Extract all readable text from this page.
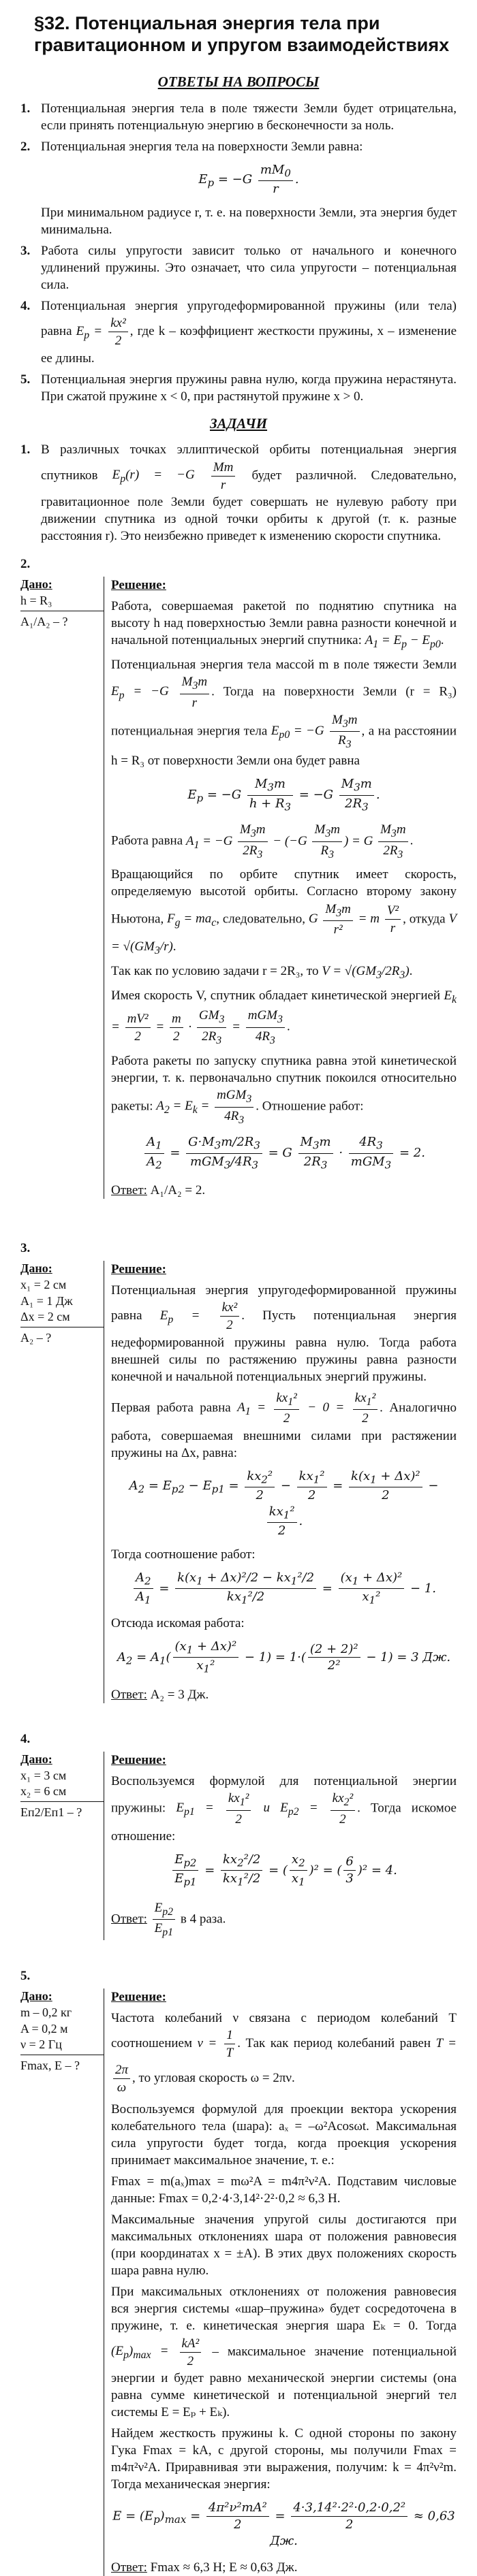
§32. Потенциальная энергия тела при гравитационном и упругом взаимодействиях
ОТВЕТЫ НА ВОПРОСЫ
1. Потенциальная энергия тела в поле тяжести Земли будет отрицательна, если принять потенциальную энергию в бесконечности за ноль.
2. Потенциальная энергия тела на поверхности Земли равна:
$E_p = -G \frac{mM_0}{r}$ .
При минимальном радиусе r, т. е. на поверхности Земли, эта энергия будет минимальна.
3. Работа силы упругости зависит только от начального и конечного удлинений пружины. Это означает, что сила упругости – потенциальная сила.
4. Потенциальная энергия упругодеформированной пружины (или тела) равна $E_p = \frac{\text{kx²}}{2}$ , где k – коэффициент жесткости пружины, x – изменение ее длины.
5. Потенциальная энергия пружины равна нулю, когда пружина нерастянута. При сжатой пружине x < 0, при растянутой пружине x > 0.
ЗАДАЧИ
1. В различных точках эллиптической орбиты потенциальная энергия спутников $E_p(r) = -G \frac{Mm}{r}$ будет различной. Следовательно, гравитационное поле Земли будет совершать не нулевую работу при движении спутника из одной точки орбиты к другой (т. к. разные расстояния r). Это неизбежно приведет к изменению скорости спутника.
2.
Дано:
h = R₃
A₁/A₂ – ?
Решение:

Работа, совершаемая ракетой по поднятию спутника на высоту h над поверхностью Земли равна разности конечной и начальной потенциальных энергий спутника: $A_1 = E_p - E_{p0}$.

Потенциальная энергия тела массой m в поле тяжести Земли $E_p = -G \frac{M_3m}{r}$ . Тогда на поверхности Земли (r = R₃) потенциальная энергия тела $E_{p0} = -G \frac{M_3m}{R_3}$ , а на расстоянии h = R₃ от поверхности Земли она будет равна

$E_p = -G \frac{M_3m}{h + R_3} = -G \frac{M_3m}{2R_3}$ .

Работа равна $A_1 = -G \frac{M_3m}{2R_3} - (-G \frac{M_3m}{R_3}$ ) = G $\frac{M_3m}{2R_3}$ .

Вращающийся по орбите спутник имеет скорость, определяемую высотой орбиты. Согласно второму закону Ньютона, $F_g = ma_c$, следовательно, G $\frac{M_3m}{\text{r²}} = m \frac{\text{V²}}{r}$ , откуда $V = √(GM_3/r)$.

Так как по условию задачи r = 2R₃, то $V = √(GM_3/2R_3)$.

Имея скорость V, спутник обладает кинетической энергией $E_k = \frac{\text{mV²}}{2} = \frac{m}{2} \cdot \frac{GM_3}{2R_3} = \frac{mGM_3}{4R_3}$ .

Работа ракеты по запуску спутника равна этой кинетической энергии, т. к. первоначально спутник покоился относительно ракеты: $A_2 = E_k = \frac{mGM_3}{4R_3}$ . Отношение работ:

$\frac{A_1}{A_2} = \frac{G\cdot M_3m/2R_3}{mGM_3/4R_3} = G \frac{M_3m}{2R_3} \cdot \frac{4R_3}{mGM_3} = 2$.
Ответ: A₁/A₂ = 2.
3.
Дано:
x₁ = 2 см
A₁ = 1 Дж
Δx = 2 см
A₂ – ?
Решение:

Потенциальная энергия упругодеформированной пружины равна $E_p = \frac{\text{kx²}}{2}$ . Пусть потенциальная энергия недеформированной пружины равна нулю. Тогда работа внешней силы по растяжению пружины равна разности конечной и начальной потенциальных энергий пружины.

Первая работа равна $A_1 = \frac{kx_1^2}{2} - 0 = \frac{kx_1^2}{2}$ . Аналогично работа, совершаемая внешними силами при растяжении пружины на Δx, равна:

$A_2 = E_{p2} - E_{p1} = \frac{kx_2^2}{2} - \frac{kx_1^2}{2} = \frac{k(x_1 + \Delta x)^2}{2}$ −
$\frac{kx_1^2}{2}$ .

Тогда соотношение работ:

$\frac{A_2}{A_1} = \frac{k(x_1 + \Delta x)^2/2 - kx_1^2/2}{kx_1^2/2} = \frac{(x_1 + \Delta x)^2}{x_1^2} - 1$.

Отсюда искомая работа:

$A_2 = A_1( \frac{(x_1 + \Delta x)^2}{x_1^2} - 1) = 1\cdot( \frac{\text{(2 + 2)²}}{\text{2²}} - 1) = 3$ Дж.
Ответ: A₂ = 3 Дж.
4.
Дано:
x₁ = 3 см
x₂ = 6 см
Eп2/Eп1 – ?
Решение:

Воспользуемся формулой для потенциальной энергии пружины: $E_{p1} = \frac{kx_1^2}{2}$ и $E_{p2} = \frac{kx_2^2}{2}$ . Тогда искомое отношение:

$\frac{E_{p2}}{E_{p1}} = \frac{kx_2^2/2}{kx_1^2/2}$ = ( $\frac{x_2}{x_1} )^2$ = ( $\frac{6}{3} )^2 = 4$.
Ответ: $\frac{E_{p2}}{E_{p1}}$ в 4 раза.
5.
Дано:
m – 0,2 кг
A = 0,2 м
ν = 2 Гц
Fmax, E – ?
Решение:

Частота колебаний ν связана с периодом колебаний T соотношением $\nu = \frac{1}{T}$ . Так как период колебаний равен T =
$\frac{2\pi}{\omega}$ , то угловая скорость ω = 2πν.

Воспользуемся формулой для проекции вектора ускорения колебательного тела (шара): aₓ = –ω²Acosωt. Максимальная сила упругости будет тогда, когда проекция ускорения принимает максимальное значение, т. е.:

Fmax = m(aₓ)max = mω²A = m4π²ν²A. Подставим числовые данные: Fmax = 0,2·4·3,14²·2²·0,2 ≈ 6,3 Н.

Максимальные значения упругой силы достигаются при максимальных отклонениях шара от положения равновесия (при координатах x = ±A). В этих двух положениях скорость шара равна нулю.

При максимальных отклонениях от положения равновесия вся энергия системы «шар–пружина» будет сосредоточена в пружине, т. е. кинетическая энергия шара Eₖ = 0. Тогда $(E_p)_{max} = \frac{\text{kA²}}{2}$ – максимальное значение потенциальной энергии и будет равно механической энергии системы (она равна сумме кинетической и потенциальной энергий тел системы E = Eₚ + Eₖ).

Найдем жесткость пружины k. С одной стороны по закону Гука Fmax = kA, с другой стороны, мы получили Fmax = m4π²ν²A. Приравнивая эти выражения, получим: k = 4π²ν²m. Тогда механическая энергия:

$E = (E_p)_{max} = \frac{\text{4π²ν²mA²}}{2} = \frac{\text{4·3,14²·2²·0,2·0,2²}}{2} \approx 0,63$ Дж.
Ответ: Fmax ≈ 6,3 Н; E ≈ 0,63 Дж.
